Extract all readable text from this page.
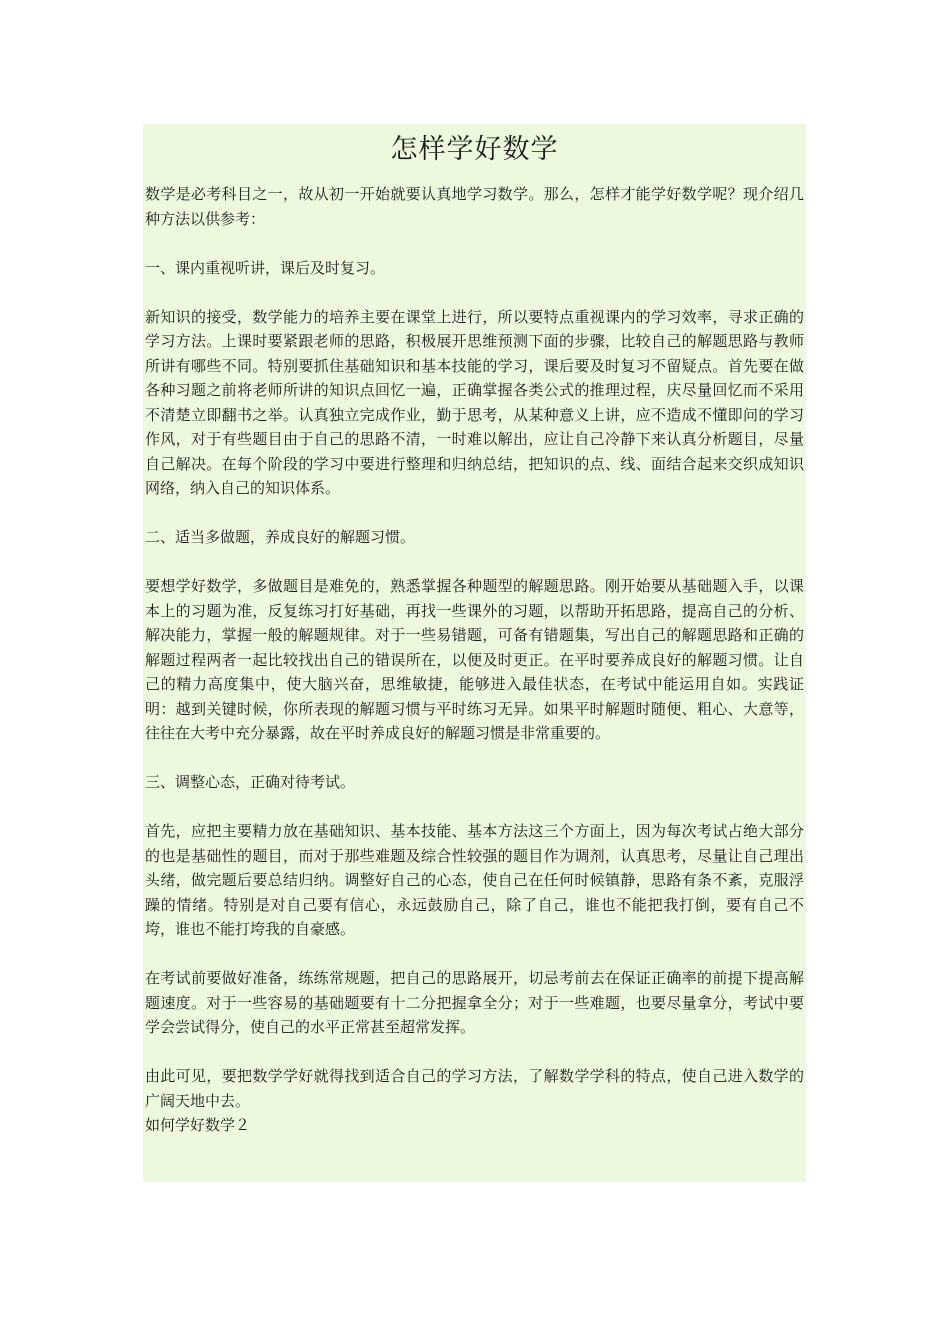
怎样学好数学

数学是必考科目之一，故从初一开始就要认真地学习数学。那么，怎样才能学好数学呢？现介绍几种方法以供参考：

一、课内重视听讲，课后及时复习。

新知识的接受，数学能力的培养主要在课堂上进行，所以要特点重视课内的学习效率，寻求正确的学习方法。上课时要紧跟老师的思路，积极展开思维预测下面的步骤，比较自己的解题思路与教师所讲有哪些不同。特别要抓住基础知识和基本技能的学习，课后要及时复习不留疑点。首先要在做各种习题之前将老师所讲的知识点回忆一遍，正确掌握各类公式的推理过程，庆尽量回忆而不采用不清楚立即翻书之举。认真独立完成作业，勤于思考，从某种意义上讲，应不造成不懂即问的学习作风，对于有些题目由于自己的思路不清，一时难以解出，应让自己冷静下来认真分析题目，尽量自己解决。在每个阶段的学习中要进行整理和归纳总结，把知识的点、线、面结合起来交织成知识网络，纳入自己的知识体系。

二、适当多做题，养成良好的解题习惯。

要想学好数学，多做题目是难免的，熟悉掌握各种题型的解题思路。刚开始要从基础题入手，以课本上的习题为准，反复练习打好基础，再找一些课外的习题，以帮助开拓思路，提高自己的分析、解决能力，掌握一般的解题规律。对于一些易错题，可备有错题集，写出自己的解题思路和正确的解题过程两者一起比较找出自己的错误所在，以便及时更正。在平时要养成良好的解题习惯。让自己的精力高度集中，使大脑兴奋，思维敏捷，能够进入最佳状态，在考试中能运用自如。实践证明：越到关键时候，你所表现的解题习惯与平时练习无异。如果平时解题时随便、粗心、大意等，往往在大考中充分暴露，故在平时养成良好的解题习惯是非常重要的。

三、调整心态，正确对待考试。

首先，应把主要精力放在基础知识、基本技能、基本方法这三个方面上，因为每次考试占绝大部分的也是基础性的题目，而对于那些难题及综合性较强的题目作为调剂，认真思考，尽量让自己理出头绪，做完题后要总结归纳。调整好自己的心态，使自己在任何时候镇静，思路有条不紊，克服浮躁的情绪。特别是对自己要有信心，永远鼓励自己，除了自己，谁也不能把我打倒，要有自己不垮，谁也不能打垮我的自豪感。

在考试前要做好准备，练练常规题，把自己的思路展开，切忌考前去在保证正确率的前提下提高解题速度。对于一些容易的基础题要有十二分把握拿全分；对于一些难题，也要尽量拿分，考试中要学会尝试得分，使自己的水平正常甚至超常发挥。

由此可见，要把数学学好就得找到适合自己的学习方法，了解数学学科的特点，使自己进入数学的广阔天地中去。

如何学好数学２
